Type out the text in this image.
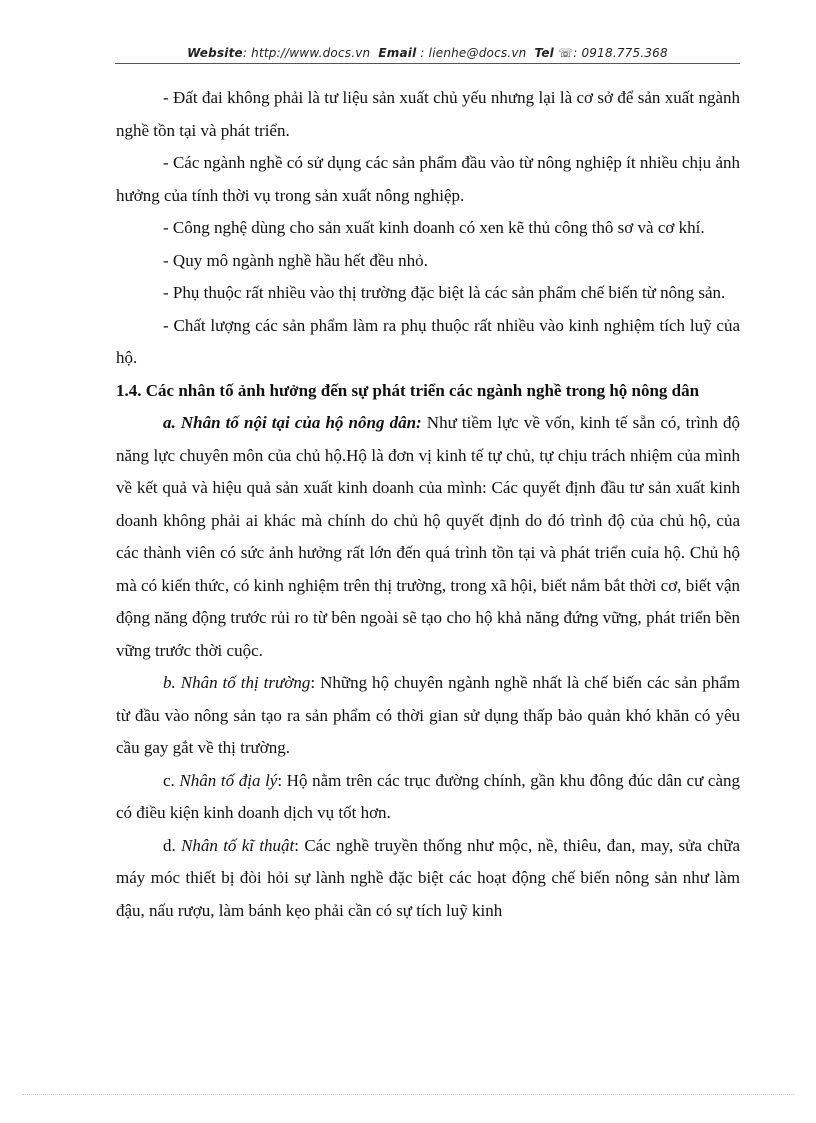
Website: http://www.docs.vn Email : lienhe@docs.vn Tel ☏: 0918.775.368

- Đất đai không phải là tư liệu sản xuất chủ yếu nhưng lại là cơ sở để sản xuất ngành nghề tồn tại và phát triển.

- Các ngành nghề có sử dụng các sản phẩm đầu vào từ nông nghiệp ít nhiều chịu ảnh hưởng của tính thời vụ trong sản xuất nông nghiệp.

- Công nghệ dùng cho sản xuất kinh doanh có xen kẽ thủ công thô sơ và cơ khí.

- Quy mô ngành nghề hầu hết đều nhỏ.

- Phụ thuộc rất nhiều vào thị trường đặc biệt là các sản phẩm chế biến từ nông sản.

- Chất lượng các sản phẩm làm ra phụ thuộc rất nhiều vào kinh nghiệm tích luỹ của hộ.

1.4. Các nhân tố ảnh hưởng đến sự phát triển các ngành nghề trong hộ nông dân

a. Nhân tố nội tại của hộ nông dân: Như tiềm lực về vốn, kinh tế sẵn có, trình độ năng lực chuyên môn của chủ hộ.Hộ là đơn vị kinh tế tự chủ, tự chịu trách nhiệm của mình về kết quả và hiệu quả sản xuất kinh doanh của mình: Các quyết định đầu tư sản xuất kinh doanh không phải ai khác mà chính do chủ hộ quyết định do đó trình độ của chủ hộ, của các thành viên có sức ảnh hưởng rất lớn đến quá trình tồn tại và phát triển cuỉa hộ. Chủ hộ mà có kiến thức, có kinh nghiệm trên thị trường, trong xã hội, biết nắm bắt thời cơ, biết vận động năng động trước rủi ro từ bên ngoài sẽ tạo cho hộ khả năng đứng vững, phát triển bền vững trước thời cuộc.

b. Nhân tố thị trường: Những hộ chuyên ngành nghề nhất là chế biến các sản phẩm từ đầu vào nông sản tạo ra sản phẩm có thời gian sử dụng thấp bảo quản khó khăn có yêu cầu gay gắt về thị trường.

c. Nhân tố địa lý: Hộ nằm trên các trục đường chính, gần khu đông đúc dân cư càng có điều kiện kinh doanh dịch vụ tốt hơn.

d. Nhân tố kĩ thuật: Các nghề truyền thống như mộc, nề, thiêu, đan, may, sửa chữa máy móc thiết bị đòi hỏi sự lành nghề đặc biệt các hoạt động chế biến nông sản như làm đậu, nấu rượu, làm bánh kẹo phải cần có sự tích luỹ kinh
